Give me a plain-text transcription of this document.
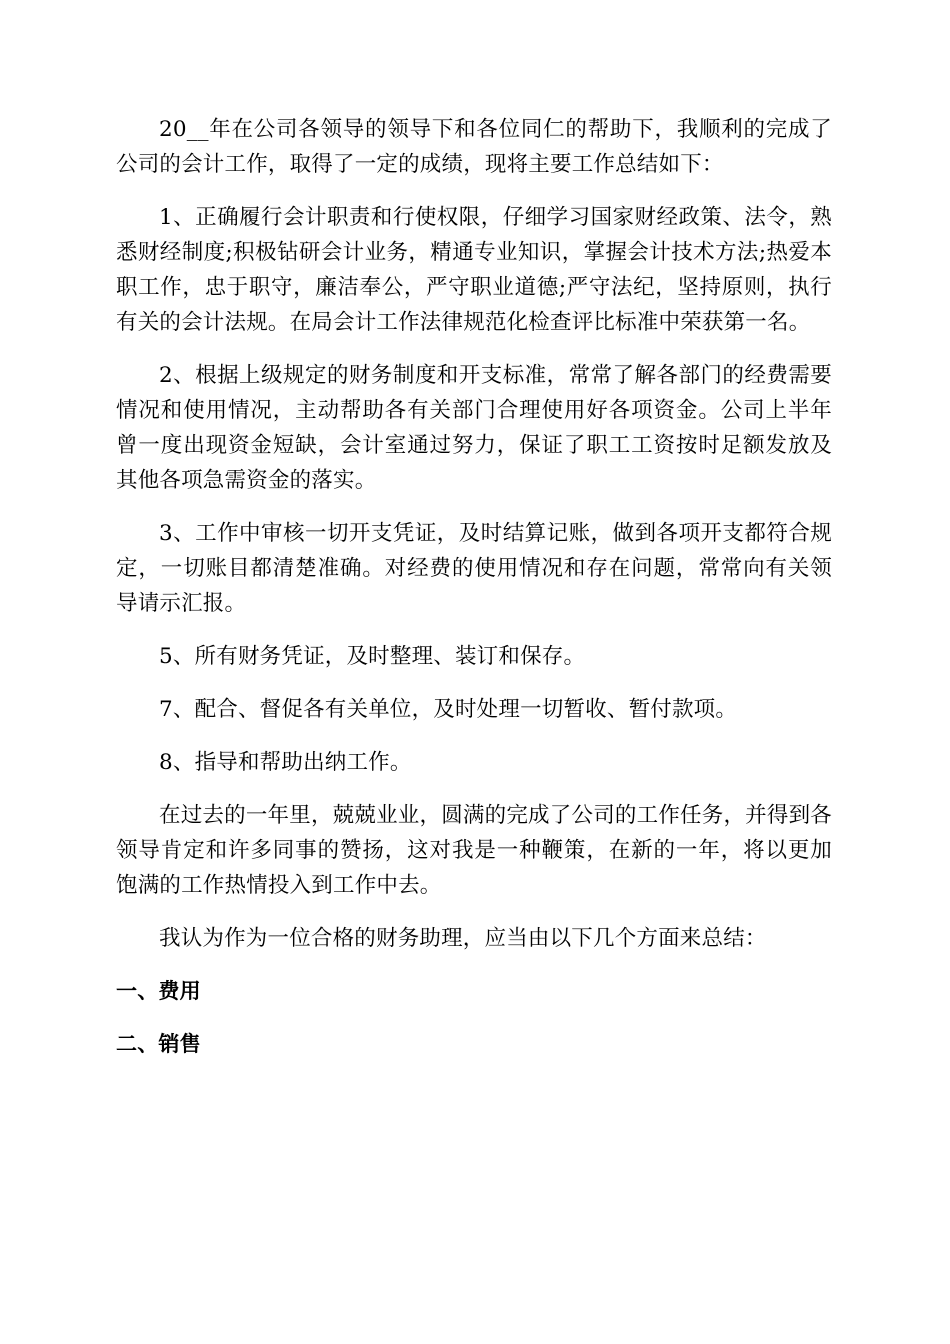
20__年在公司各领导的领导下和各位同仁的帮助下，我顺利的完成了公司的会计工作，取得了一定的成绩，现将主要工作总结如下：

1、正确履行会计职责和行使权限，仔细学习国家财经政策、法令，熟悉财经制度;积极钻研会计业务，精通专业知识，掌握会计技术方法;热爱本职工作，忠于职守，廉洁奉公，严守职业道德;严守法纪，坚持原则，执行有关的会计法规。在局会计工作法律规范化检查评比标准中荣获第一名。

2、根据上级规定的财务制度和开支标准，常常了解各部门的经费需要情况和使用情况，主动帮助各有关部门合理使用好各项资金。公司上半年曾一度出现资金短缺，会计室通过努力，保证了职工工资按时足额发放及其他各项急需资金的落实。

3、工作中审核一切开支凭证，及时结算记账，做到各项开支都符合规定，一切账目都清楚准确。对经费的使用情况和存在问题，常常向有关领导请示汇报。

5、所有财务凭证，及时整理、装订和保存。

7、配合、督促各有关单位，及时处理一切暂收、暂付款项。

8、指导和帮助出纳工作。

在过去的一年里，兢兢业业，圆满的完成了公司的工作任务，并得到各领导肯定和许多同事的赞扬，这对我是一种鞭策，在新的一年，将以更加饱满的工作热情投入到工作中去。

我认为作为一位合格的财务助理，应当由以下几个方面来总结：

一、费用
二、销售
